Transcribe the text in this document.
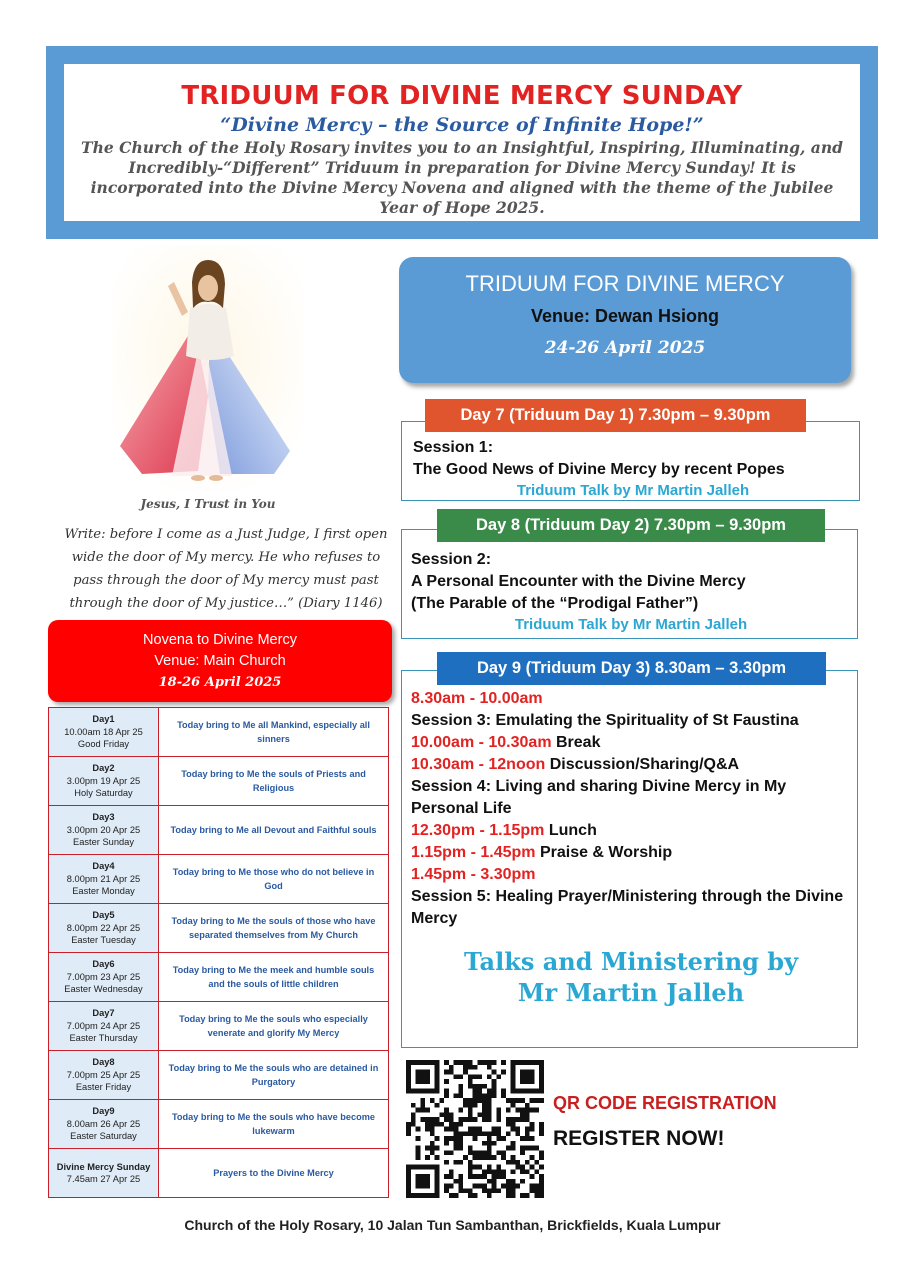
TRIDUUM FOR DIVINE MERCY SUNDAY
“Divine Mercy – the Source of Infinite Hope!”
The Church of the Holy Rosary invites you to an Insightful, Inspiring, Illuminating, and Incredibly-“Different” Triduum in preparation for Divine Mercy Sunday! It is incorporated into the Divine Mercy Novena and aligned with the theme of the Jubilee Year of Hope 2025.
Jesus, I Trust in You
Write: before I come as a Just Judge, I first open wide the door of My mercy. He who refuses to pass through the door of My mercy must past through the door of My justice…” (Diary 1146)
Novena to Divine Mercy
Venue: Main Church
18-26 April 2025
Day1
10.00am 18 Apr 25
Good Friday	Today bring to Me all Mankind, especially all sinners

Day2
3.00pm 19 Apr 25
Holy Saturday	Today bring to Me the souls of Priests and Religious

Day3
3.00pm 20 Apr 25
Easter Sunday	Today bring to Me all Devout and Faithful souls

Day4
8.00pm 21 Apr 25
Easter Monday	Today bring to Me those who do not believe in God

Day5
8.00pm 22 Apr 25
Easter Tuesday	Today bring to Me the souls of those who have separated themselves from My Church

Day6
7.00pm 23 Apr 25
Easter Wednesday	Today bring to Me the meek and humble souls and the souls of little children

Day7
7.00pm 24 Apr 25
Easter Thursday	Today bring to Me the souls who especially venerate and glorify My Mercy

Day8
7.00pm 25 Apr 25
Easter Friday	Today bring to Me the souls who are detained in Purgatory

Day9
8.00am 26 Apr 25
Easter Saturday	Today bring to Me the souls who have become lukewarm

Divine Mercy Sunday
7.45am 27 Apr 25	Prayers to the Divine Mercy
TRIDUUM FOR DIVINE MERCY
Venue: Dewan Hsiong
24-26 April 2025
Session 1:
The Good News of Divine Mercy by recent Popes
Triduum Talk by Mr Martin Jalleh
Day 7 (Triduum Day 1) 7.30pm – 9.30pm
Session 2:
A Personal Encounter with the Divine Mercy
(The Parable of the “Prodigal Father”)
Triduum Talk by Mr Martin Jalleh
Day 8 (Triduum Day 2) 7.30pm – 9.30pm
8.30am - 10.00am
Session 3: Emulating the Spirituality of St Faustina
10.00am - 10.30am Break
10.30am - 12noon Discussion/Sharing/Q&A
Session 4: Living and sharing Divine Mercy in My Personal Life
12.30pm - 1.15pm Lunch
1.15pm - 1.45pm Praise & Worship
1.45pm - 3.30pm
Session 5: Healing Prayer/Ministering through the Divine Mercy
Talks and Ministering by
Mr Martin Jalleh
Day 9 (Triduum Day 3) 8.30am – 3.30pm
QR CODE REGISTRATION
REGISTER NOW!
Church of the Holy Rosary, 10 Jalan Tun Sambanthan, Brickfields, Kuala Lumpur
